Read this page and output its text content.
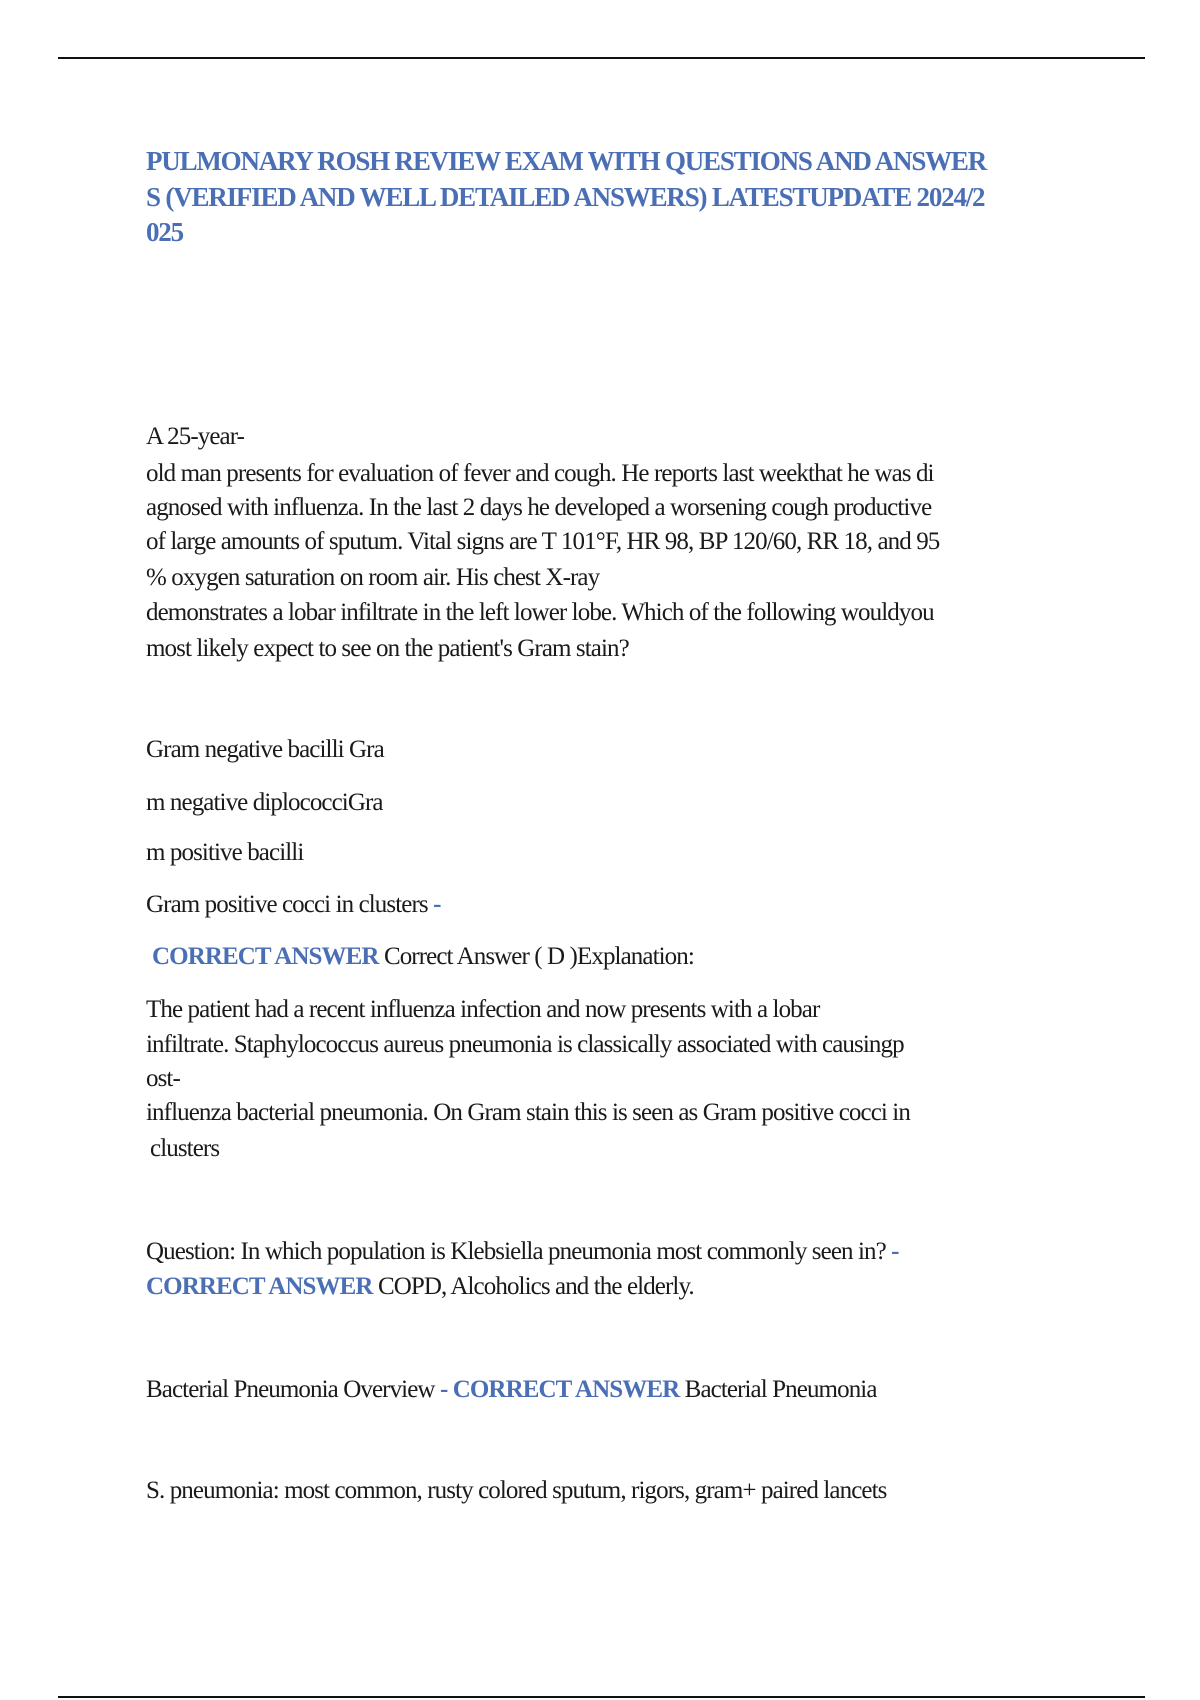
PULMONARY ROSH REVIEW EXAM WITH QUESTIONS AND ANSWER
S (VERIFIED AND WELL DETAILED ANSWERS) LATESTUPDATE 2024/2
025
A 25-year-
old man presents for evaluation of fever and cough. He reports last weekthat he was di
agnosed with influenza. In the last 2 days he developed a worsening cough productive
of large amounts of sputum. Vital signs are T 101°F, HR 98, BP 120/60, RR 18, and 95
% oxygen saturation on room air. His chest X-ray
demonstrates a lobar infiltrate in the left lower lobe. Which of the following wouldyou
most likely expect to see on the patient's Gram stain?
Gram negative bacilli Gra
m negative diplococciGra
m positive bacilli
Gram positive cocci in clusters -
CORRECT ANSWER Correct Answer ( D )Explanation:
The patient had a recent influenza infection and now presents with a lobar
infiltrate. Staphylococcus aureus pneumonia is classically associated with causingp
ost-
influenza bacterial pneumonia. On Gram stain this is seen as Gram positive cocci in
clusters
Question: In which population is Klebsiella pneumonia most commonly seen in? -
CORRECT ANSWER COPD, Alcoholics and the elderly.
Bacterial Pneumonia Overview - CORRECT ANSWER Bacterial Pneumonia
S. pneumonia: most common, rusty colored sputum, rigors, gram+ paired lancets
